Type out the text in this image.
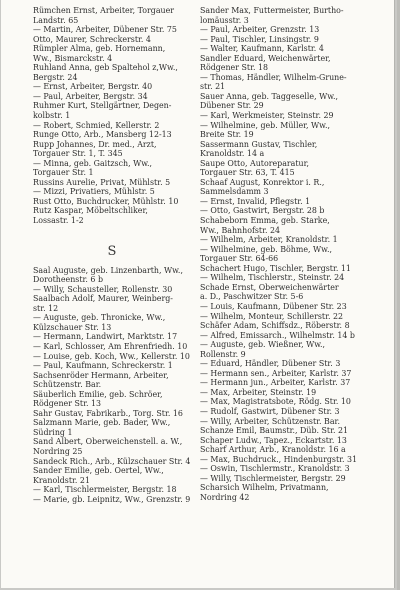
Rümchen Ernst, Arbeiter, Torgauer
Landstr. 65
— Martin, Arbeiter, Dübener Str. 75
Otto, Maurer, Schreckerstr. 4
Rümpler Alma, geb. Hornemann,
Ww., Bismarckstr. 4
Ruhland Anna, geb Spaltehol z,Ww.,
Bergstr. 24
— Ernst, Arbeiter, Bergstr. 40
— Paul, Arbeiter, Bergstr. 34
Ruhmer Kurt, Stellgärtner, Degen-
kolbstr. 1
— Robert, Schmied, Kellerstr. 2
Runge Otto, Arb., Mansberg 12-13
Rupp Johannes, Dr. med., Arzt,
Torgauer Str. 1, T. 345
— Minna, geb. Gaitzsch, Ww.,
Torgauer Str. 1
Russins Aurelie, Privat, Mühlstr. 5
— Mizzi, Privatiers, Mühlstr. 5
Rust Otto, Buchdrucker, Mühlstr. 10
Rutz Kaspar, Möbeltschliker,
Lossastr. 1-2
S
Saal Auguste, geb. Linzenbarth, Ww.,
Dorotheenstr. 6 b
— Willy, Schausteller, Rollenstr. 30
Saalbach Adolf, Maurer, Weinberg-
str. 12
— Auguste, geb. Thronicke, Ww.,
Külzschauer Str. 13
— Hermann, Landwirt, Marktstr. 17
— Karl, Schlosser, Am Ehrenfriedh. 10
— Louise, geb. Koch, Ww., Kellerstr. 10
— Paul, Kaufmann, Schreckerstr. 1
Sachsenröder Hermann, Arbeiter,
Schützenstr. Bar.
Säuberlich Emilie, geb. Schröer,
Rödgener Str. 13
Sahr Gustav, Fabrikarb., Torg. Str. 16
Salzmann Marie, geb. Bader, Ww.,
Südring 1
Sand Albert, Oberweichenstell. a. W.,
Nordring 25
Sandeck Rich., Arb., Külzschauer Str. 4
Sander Emilie, geb. Oertel, Ww.,
Kranoldstr. 21
— Karl, Tischlermeister, Bergstr. 18
— Marie, gb. Leipnitz, Ww., Grenzstr. 9
Sander Max, Futtermeister, Burtho-
lomäusstr. 3
— Paul, Arbeiter, Grenzstr. 13
— Paul, Tischler, Linsingstr. 9
— Walter, Kaufmann, Karlstr. 4
Sandler Eduard, Weichenwärter,
Rödgener Str. 18
— Thomas, Händler, Wilhelm-Grune-
str. 21
Sauer Anna, geb. Taggeselle, Ww.,
Dübener Str. 29
— Karl, Werkmeister, Steinstr. 29
— Wilhelmine, geb. Müller, Ww.,
Breite Str. 19
Sassermann Gustav, Tischler,
Kranoldstr. 14 a
Saupe Otto, Autoreparatur,
Torgauer Str. 63, T. 415
Schaaf August, Konrektor i. R.,
Sammelsdamm 3
— Ernst, Invalid, Pflegstr. 1
— Otto, Gastwirt, Bergstr. 28 b
Schabeborn Emma, geb. Starke,
Ww., Bahnhofstr. 24
— Wilhelm, Arbeiter, Kranoldstr. 1
— Wilhelmine, geb. Böhme, Ww.,
Torgauer Str. 64-66
Schachert Hugo, Tischler, Bergstr. 11
— Wilhelm, Tischlerstr., Steinstr. 24
Schade Ernst, Oberweichenwärter
a. D., Paschwitzer Str. 5-6
— Louis, Kaufmann, Dübener Str. 23
— Wilhelm, Monteur, Schillerstr. 22
Schäfer Adam, Schiffsdz., Röberstr. 8
— Alfred, Emissarch., Wilhelmstr. 14 b
— Auguste, geb. Wießner, Ww.,
Rollenstr. 9
— Eduard, Händler, Dübener Str. 3
— Hermann sen., Arbeiter, Karlstr. 37
— Hermann jun., Arbeiter, Karlstr. 37
— Max, Arbeiter, Steinstr. 19
— Max, Magistratsbote, Rödg. Str. 10
— Rudolf, Gastwirt, Dübener Str. 3
— Willy, Arbeiter, Schützenstr. Bar.
Schanze Emil, Baumstr., Düb. Str. 21
Schaper Ludw., Tapez., Eckartstr. 13
Scharf Arthur, Arb., Kranoldstr. 16 a
— Max, Buchdruck., Hindenburgstr. 31
— Oswin, Tischlermstr., Kranoldstr. 3
— Willy, Tischlermeister, Bergstr. 29
Scharsich Wilhelm, Privatmann,
Nordring 42
